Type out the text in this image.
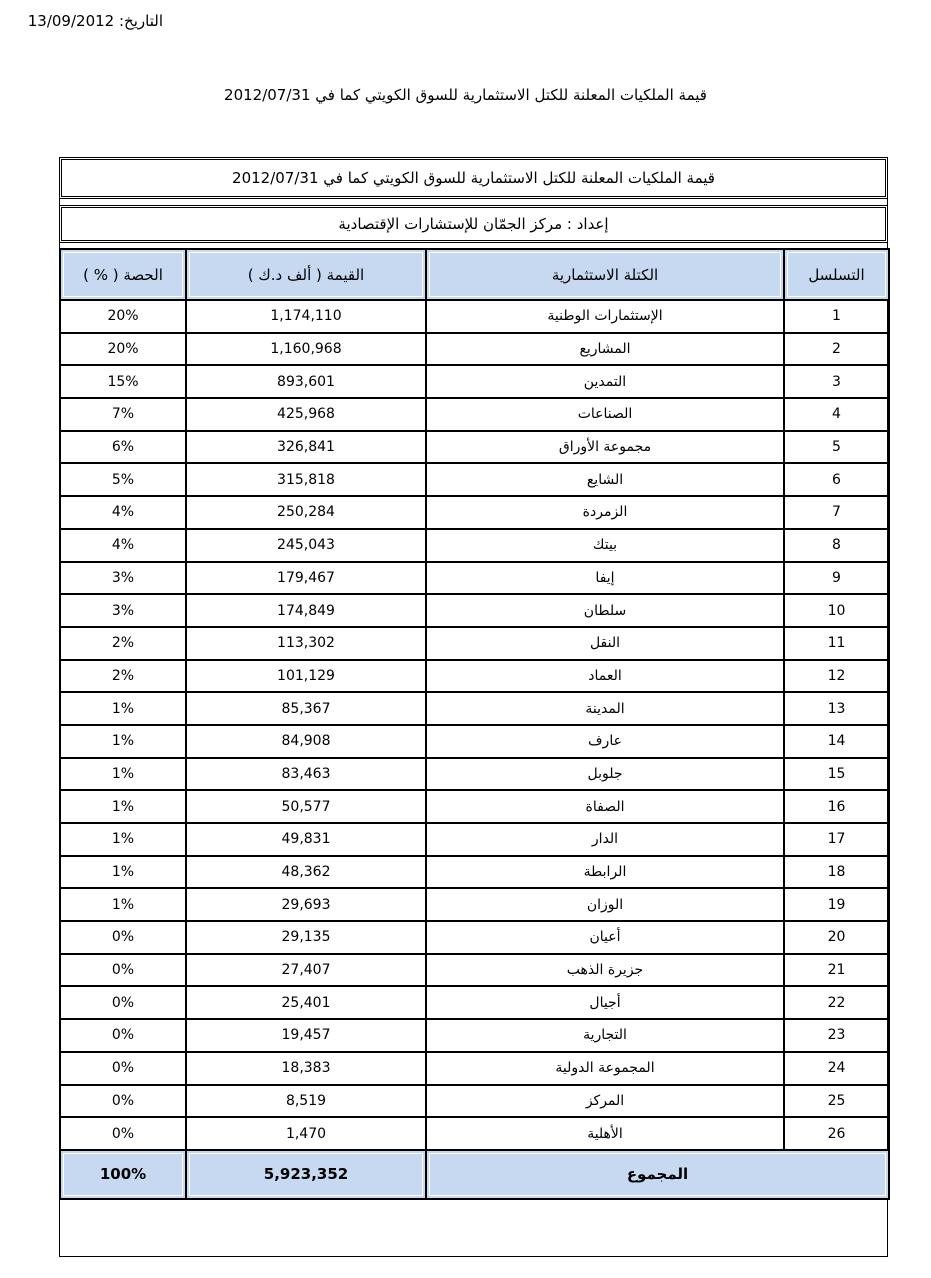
13/09/2012 التاريخ:
قيمة الملكيات المعلنة للكتل الاستثمارية للسوق الكويتي كما في 2012/07/31
قيمة الملكيات المعلنة للكتل الاستثمارية للسوق الكويتي كما في 2012/07/31
إعداد : مركز الجمّان للإستشارات الإقتصادية
التسلسل	الكتلة الاستثمارية	القيمة ( ألف د.ك )	الحصة ( % )
1	الإستثمارات الوطنية	1,174,110	20%
2	المشاريع	1,160,968	20%
3	التمدين	893,601	15%
4	الصناعات	425,968	7%
5	مجموعة الأوراق	326,841	6%
6	الشايع	315,818	5%
7	الزمردة	250,284	4%
8	بيتك	245,043	4%
9	إيفا	179,467	3%
10	سلطان	174,849	3%
11	النقل	113,302	2%
12	العماد	101,129	2%
13	المدينة	85,367	1%
14	عارف	84,908	1%
15	جلوبل	83,463	1%
16	الصفاة	50,577	1%
17	الدار	49,831	1%
18	الرابطة	48,362	1%
19	الوزان	29,693	1%
20	أعيان	29,135	0%
21	جزيرة الذهب	27,407	0%
22	أجيال	25,401	0%
23	التجارية	19,457	0%
24	المجموعة الدولية	18,383	0%
25	المركز	8,519	0%
26	الأهلية	1,470	0%
المجموع		5,923,352	100%
